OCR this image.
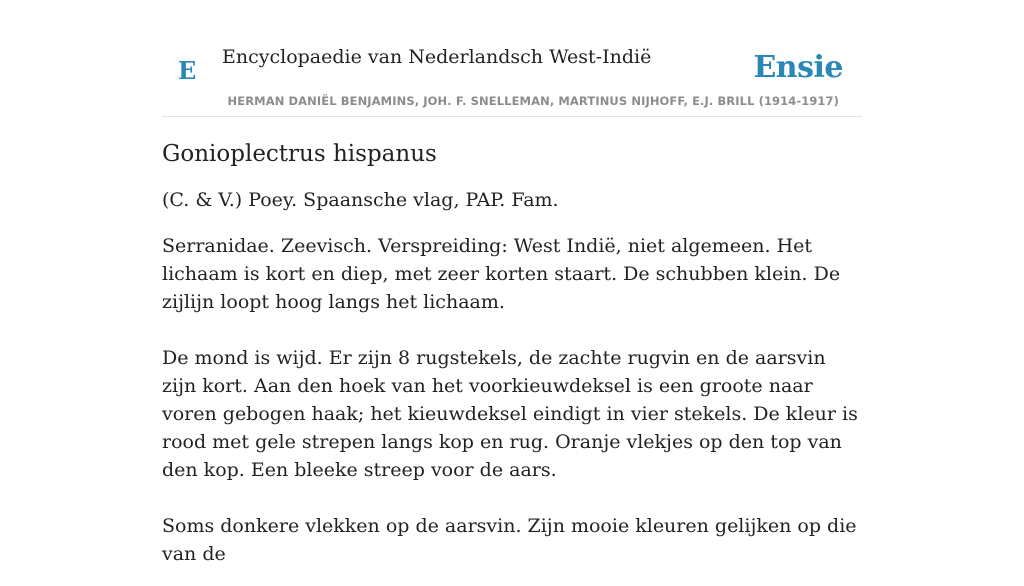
E Encyclopaedie van Nederlandsch West-Indië	Ensie
HERMAN DANIËL BENJAMINS, JOH. F. SNELLEMAN, MARTINUS NIJHOFF, E.J. BRILL (1914-1917)
Gonioplectrus hispanus

(C. & V.) Poey. Spaansche vlag, PAP. Fam.

Serranidae. Zeevisch. Verspreiding: West Indië, niet algemeen. Het lichaam is kort en diep, met zeer korten staart. De schubben klein. De zijlijn loopt hoog langs het lichaam.

De mond is wijd. Er zijn 8 rugstekels, de zachte rugvin en de aarsvin zijn kort. Aan den hoek van het voorkieuwdeksel is een groote naar voren gebogen haak; het kieuwdeksel eindigt in vier stekels. De kleur is rood met gele strepen langs kop en rug. Oranje vlekjes op den top van den kop. Een bleeke streep voor de aars.

Soms donkere vlekken op de aarsvin. Zijn mooie kleuren gelijken op die van de
